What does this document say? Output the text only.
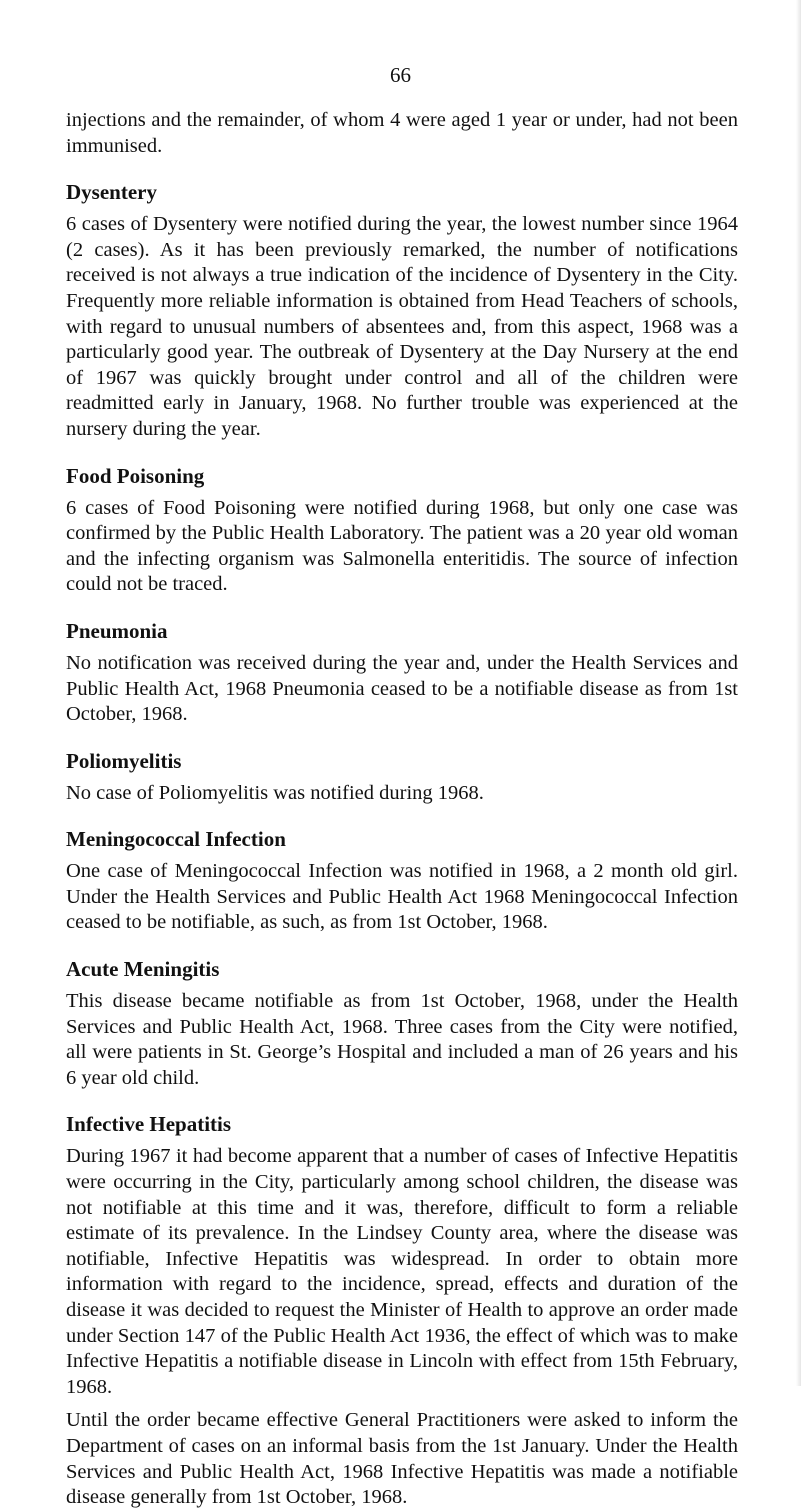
66

injections and the remainder, of whom 4 were aged 1 year or under, had not been immunised.

Dysentery

6 cases of Dysentery were notified during the year, the lowest number since 1964 (2 cases). As it has been previously remarked, the number of notifications received is not always a true indication of the incidence of Dysentery in the City. Frequently more reliable information is obtained from Head Teachers of schools, with regard to unusual numbers of absentees and, from this aspect, 1968 was a particularly good year. The outbreak of Dysentery at the Day Nursery at the end of 1967 was quickly brought under control and all of the children were readmitted early in January, 1968. No further trouble was experienced at the nursery during the year.

Food Poisoning

6 cases of Food Poisoning were notified during 1968, but only one case was confirmed by the Public Health Laboratory. The patient was a 20 year old woman and the infecting organism was Salmonella enteritidis. The source of infection could not be traced.

Pneumonia

No notification was received during the year and, under the Health Services and Public Health Act, 1968 Pneumonia ceased to be a notifiable disease as from 1st October, 1968.

Poliomyelitis

No case of Poliomyelitis was notified during 1968.

Meningococcal Infection

One case of Meningococcal Infection was notified in 1968, a 2 month old girl. Under the Health Services and Public Health Act 1968 Meningococcal Infection ceased to be notifiable, as such, as from 1st October, 1968.

Acute Meningitis

This disease became notifiable as from 1st October, 1968, under the Health Services and Public Health Act, 1968. Three cases from the City were notified, all were patients in St. George’s Hospital and included a man of 26 years and his 6 year old child.

Infective Hepatitis

During 1967 it had become apparent that a number of cases of Infective Hepatitis were occurring in the City, particularly among school children, the disease was not notifiable at this time and it was, therefore, difficult to form a reliable estimate of its prevalence. In the Lindsey County area, where the disease was notifiable, Infective Hepatitis was widespread. In order to obtain more information with regard to the incidence, spread, effects and duration of the disease it was decided to request the Minister of Health to approve an order made under Section 147 of the Public Health Act 1936, the effect of which was to make Infective Hepatitis a notifiable disease in Lincoln with effect from 15th February, 1968.

Until the order became effective General Practitioners were asked to inform the Department of cases on an informal basis from the 1st January. Under the Health Services and Public Health Act, 1968 Infective Hepatitis was made a notifiable disease generally from 1st October, 1968.
